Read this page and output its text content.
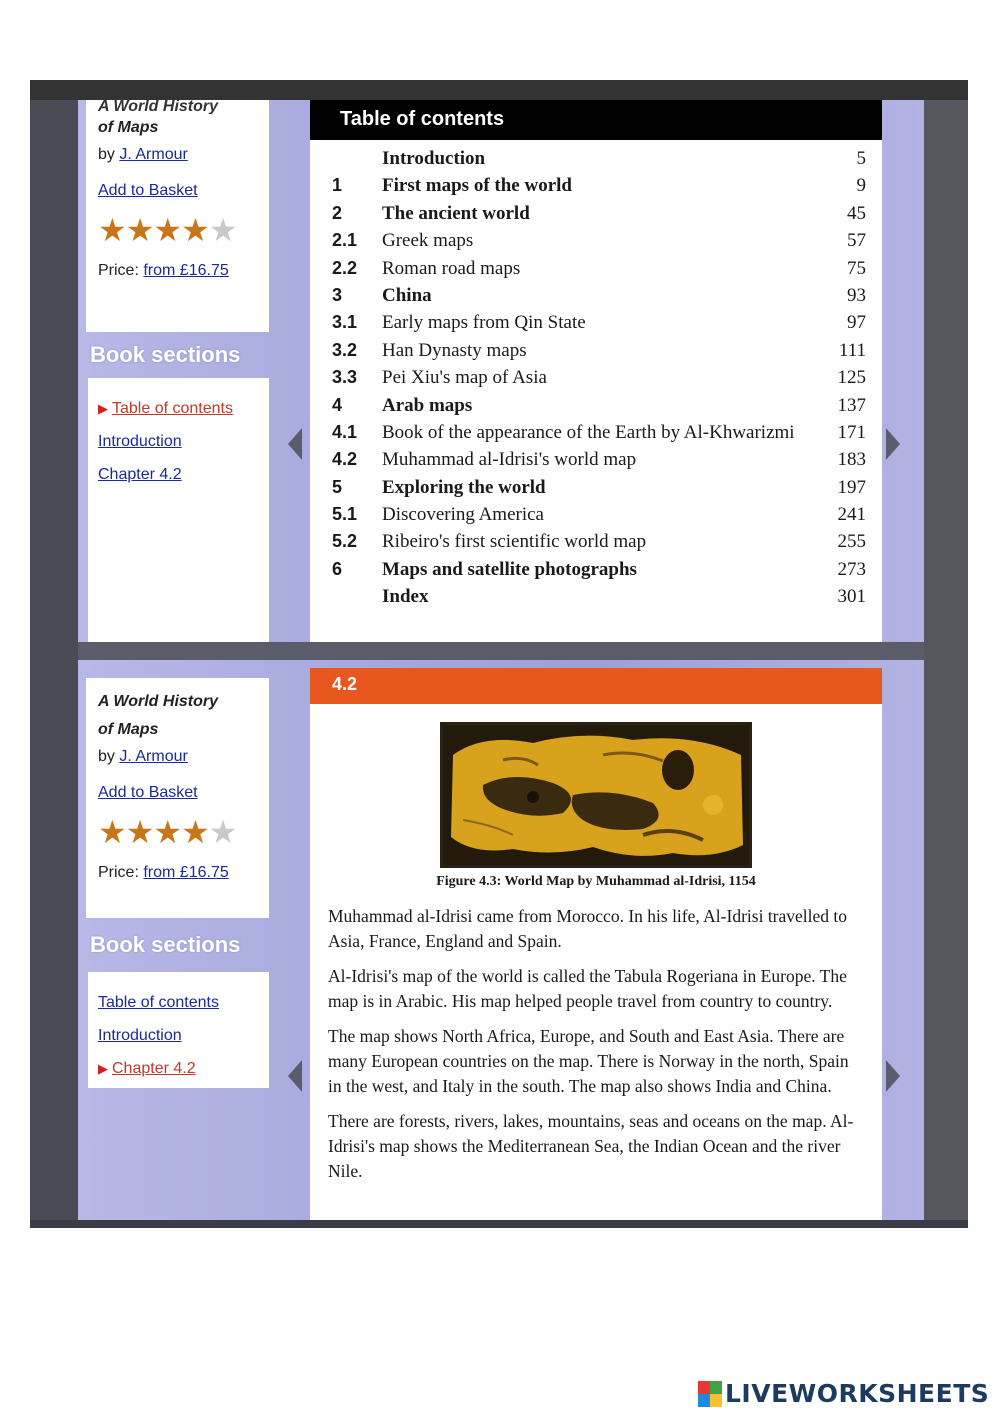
A World History
of Maps
by J. Armour
Add to Basket
★★★★★
Price: from £16.75
Book sections
▶ Table of contents
Introduction
Chapter 4.2
Table of contents
Introduction	5
1	First maps of the world	9
2	The ancient world	45
2.1	Greek maps	57
2.2	Roman road maps	75
3	China	93
3.1	Early maps from Qin State	97
3.2	Han Dynasty maps	111
3.3	Pei Xiu's map of Asia	125
4	Arab maps	137
4.1	Book of the appearance of the Earth by Al-Khwarizmi	171
4.2	Muhammad al-Idrisi's world map	183
5	Exploring the world	197
5.1	Discovering America	241
5.2	Ribeiro's first scientific world map	255
6	Maps and satellite photographs	273
Index	301
A World History
of Maps
by J. Armour
Add to Basket
★★★★★
Price: from £16.75
Book sections
Table of contents
Introduction
▶ Chapter 4.2
4.2
Figure 4.3: World Map by Muhammad al-Idrisi, 1154

Muhammad al-Idrisi came from Morocco. In his life, Al-Idrisi travelled to Asia, France, England and Spain.

Al-Idrisi's map of the world is called the Tabula Rogeriana in Europe. The map is in Arabic. His map helped people travel from country to country.

The map shows North Africa, Europe, and South and East Asia. There are many European countries on the map. There is Norway in the north, Spain in the west, and Italy in the south. The map also shows India and China.

There are forests, rivers, lakes, mountains, seas and oceans on the map. Al-Idrisi's map shows the Mediterranean Sea, the Indian Ocean and the river Nile.

LIVEWORKSHEETS
